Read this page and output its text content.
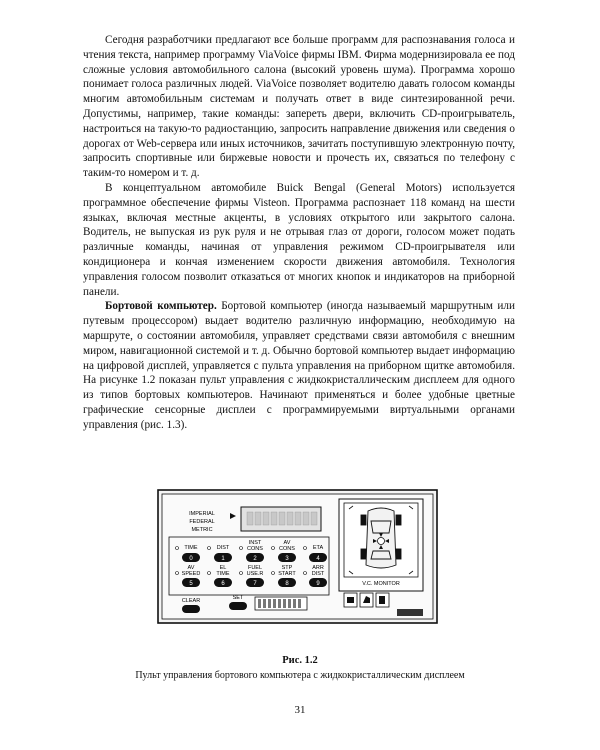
Сегодня разработчики предлагают все больше программ для распознавания голоса и чтения текста, например программу ViaVoice фирмы IBM. Фирма модернизировала ее под сложные условия автомобильного салона (высокий уровень шума). Программа хорошо понимает голоса различных людей. ViaVoice позволяет водителю давать голосом команды многим автомобильным системам и получать ответ в виде синтезированной речи. Допустимы, например, такие команды: запереть двери, включить CD-проигрыватель, настроиться на такую-то радиостанцию, запросить направление движения или сведения о дорогах от Web-сервера или иных источников, зачитать поступившую электронную почту, запросить спортивные или биржевые новости и прочесть их, связаться по телефону с таким-то номером и т. д.

В концептуальном автомобиле Buick Bengal (General Motors) используется программное обеспечение фирмы Visteon. Программа распознает 118 команд на шести языках, включая местные акценты, в условиях открытого или закрытого салона. Водитель, не выпуская из рук руля и не отрывая глаз от дороги, голосом может подать различные команды, начиная от управления режимом CD-проигрывателя или кондиционера и кончая изменением скорости движения автомобиля. Технология управления голосом позволит отказаться от многих кнопок и индикаторов на приборной панели.

Бортовой компьютер. Бортовой компьютер (иногда называемый маршрутным или путевым процессором) выдает водителю различную информацию, необходимую на маршруте, о состоянии автомобиля, управляет средствами связи автомобиля с внешним миром, навигационной системой и т. д. Обычно бортовой компьютер выдает информацию на цифровой дисплей, управляется с пульта управления на приборном щитке автомобиля. На рисунке 1.2 показан пульт управления с жидкокристаллическим дисплеем для одного из типов бортовых компьютеров. Начинают применяться и более удобные цветные графические сенсорные дисплеи с программируемыми виртуальными органами управления (рис. 1.3).

IMPERIAL
FEDERAL
METRIC
TIME
0
DIST
1
INST
CONS
2
AV
CONS
3
ETA
4
AV
SPEED
5
EL
TIME
6
FUEL
USE.R
7
STP
START
8
ARR
DIST
9
CLEAR	SET
V.C. MONITOR
Рис. 1.2
Пульт управления бортового компьютера с жидкокристаллическим дисплеем
31
